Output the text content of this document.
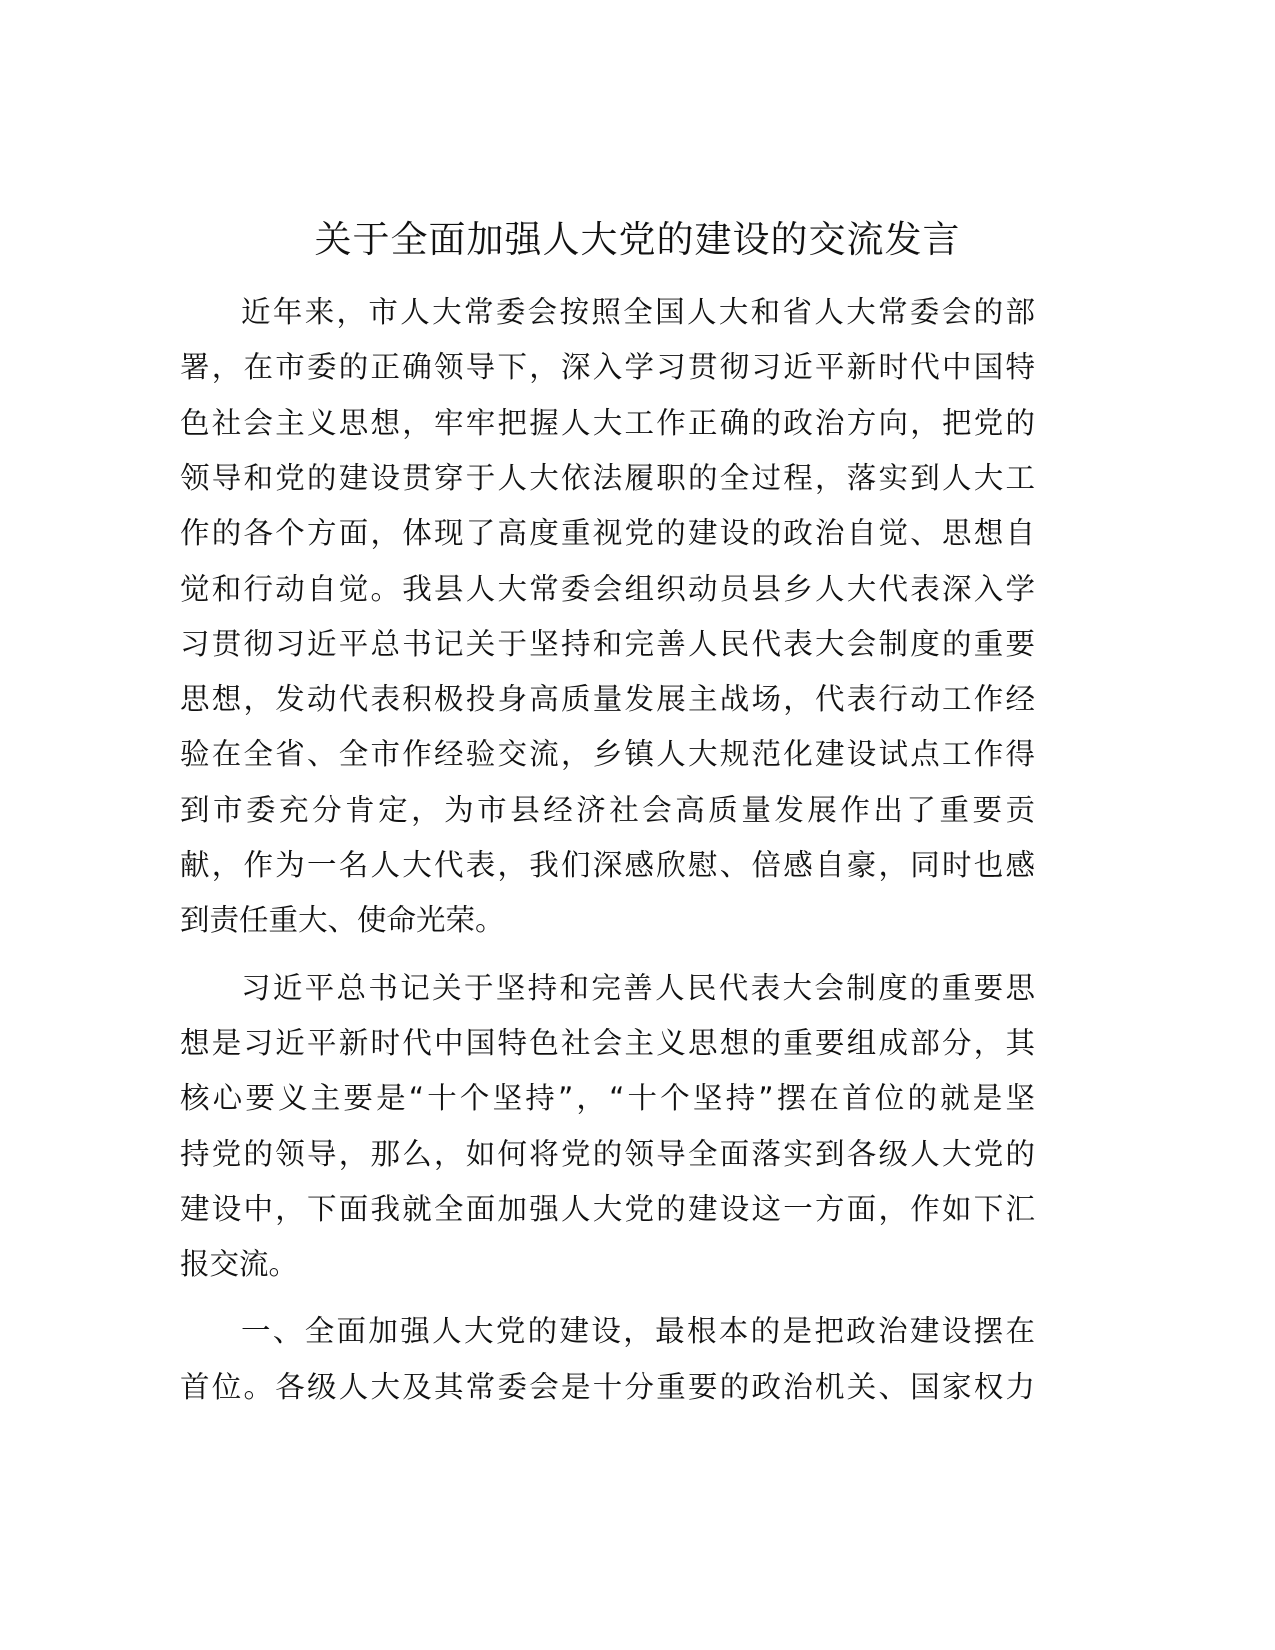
关于全面加强人大党的建设的交流发言
近年来，市人大常委会按照全国人大和省人大常委会的部
署，在市委的正确领导下，深入学习贯彻习近平新时代中国特
色社会主义思想，牢牢把握人大工作正确的政治方向，把党的
领导和党的建设贯穿于人大依法履职的全过程，落实到人大工
作的各个方面，体现了高度重视党的建设的政治自觉、思想自
觉和行动自觉。我县人大常委会组织动员县乡人大代表深入学
习贯彻习近平总书记关于坚持和完善人民代表大会制度的重要
思想，发动代表积极投身高质量发展主战场，代表行动工作经
验在全省、全市作经验交流，乡镇人大规范化建设试点工作得
到市委充分肯定，为市县经济社会高质量发展作出了重要贡
献，作为一名人大代表，我们深感欣慰、倍感自豪，同时也感
到责任重大、使命光荣。
习近平总书记关于坚持和完善人民代表大会制度的重要思
想是习近平新时代中国特色社会主义思想的重要组成部分，其
核心要义主要是“十个坚持”，“十个坚持”摆在首位的就是坚
持党的领导，那么，如何将党的领导全面落实到各级人大党的
建设中，下面我就全面加强人大党的建设这一方面，作如下汇
报交流。
一、全面加强人大党的建设，最根本的是把政治建设摆在
首位。各级人大及其常委会是十分重要的政治机关、国家权力
